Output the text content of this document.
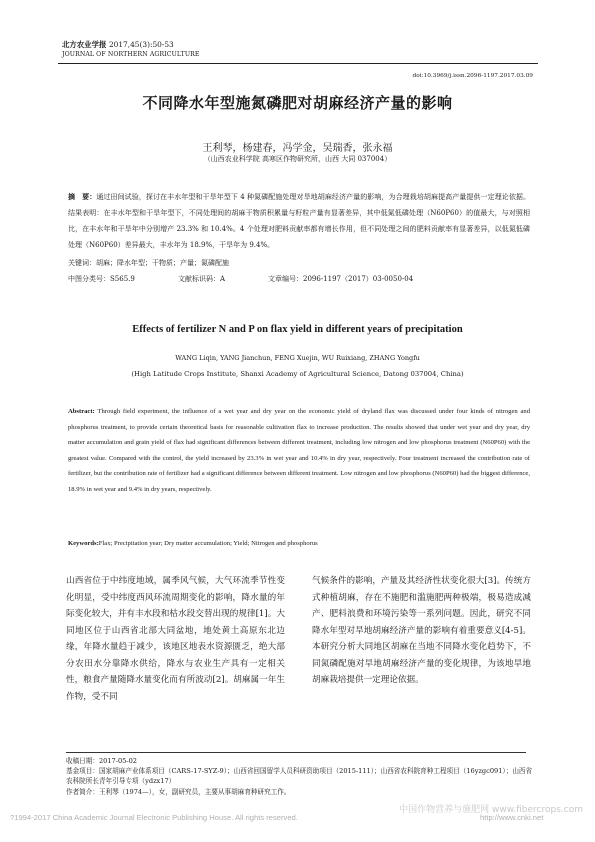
北方农业学报 2017,45(3):50-53
JOURNAL OF NORTHERN AGRICULTURE
doi:10.3969/j.issn.2096-1197.2017.03.09
不同降水年型施氮磷肥对胡麻经济产量的影响
王利琴，杨建春，冯学金，吴瑞香，张永福
（山西农业科学院 高寒区作物研究所，山西 大同 037004）
摘　要：通过田间试验，探讨在丰水年型和干旱年型下 4 种氮磷配施处理对旱地胡麻经济产量的影响，为合理栽培胡麻提高产量提供一定理论依据。结果表明：在丰水年型和干旱年型下，不同处理间的胡麻干物质积累量与籽粒产量有显著差异，其中低氮低磷处理（N60P60）的值最大，与对照相比，在丰水年和干旱年中分别增产 23.3% 和 10.4%。4 个处理对肥料贡献率都有增长作用，但不同处理之间的肥料贡献率有显著差异，以低氮低磷处理（N60P60）差异最大，丰水年为 18.9%，干旱年为 9.4%。
关键词：胡麻；降水年型；干物质；产量；氮磷配施
中图分类号：S565.9	文献标识码：A	文章编号：2096-1197（2017）03-0050-04
Effects of fertilizer N and P on flax yield in different years of precipitation
WANG Liqin, YANG Jianchun, FENG Xuejin, WU Ruixiang, ZHANG Yongfu
(High Latitude Crops Institute, Shanxi Academy of Agricultural Science, Datong 037004, China)
Abstract: Through field experiment, the influence of a wet year and dry year on the economic yield of dryland flax was discussed under four kinds of nitrogen and phosphorus treatment, to provide certain theoretical basis for reasonable cultivation flax to increase production. The results showed that under wet year and dry year, dry matter accumulation and grain yield of flax had significant differences between different treatment, including low nitrogen and low phosphorus treatment (N60P60) with the greatest value. Compared with the control, the yield increased by 23.3% in wet year and 10.4% in dry year, respectively. Four treatment increased the contribution rate of fertilizer, but the contribution rate of fertilizer had a significant difference between different treatment. Low nitrogen and low phosphorus (N60P60) had the biggest difference, 18.9% in wet year and 9.4% in dry years, respectively.
Keywords:Flax; Precipitation year; Dry matter accumulation; Yield; Nitrogen and phosphorus
山西省位于中纬度地域，属季风气候，大气环流季节性变化明显，受中纬度西风环流周期变化的影响，降水量的年际变化较大，并有丰水段和枯水段交替出现的规律[1]。大同地区位于山西省北部大同盆地，地处黄土高原东北边缘，年降水量趋于减少，该地区地表水资源匮乏，绝大部分农田水分靠降水供给，降水与农业生产具有一定相关性，粮食产量随降水量变化而有所波动[2]。胡麻属一年生作物，受不同
气候条件的影响，产量及其经济性状变化很大[3]。传统方式种植胡麻，存在不施肥和滥施肥两种极端，极易造成减产、肥料浪费和环境污染等一系列问题。因此，研究不同降水年型对旱地胡麻经济产量的影响有着重要意义[4-5]。本研究分析大同地区胡麻在当地不同降水变化趋势下，不同氮磷配施对旱地胡麻经济产量的变化规律，为该地旱地胡麻栽培提供一定理论依据。

收稿日期：2017-05-02

基金项目：国家胡麻产业体系项目（CARS-17-SYZ-9）；山西省回国留学人员科研资助项目（2015-111）；山西省农科院育种工程项目（16yzgc091）；山西省农科院所长青年引导专项（ydzx17）

作者简介：王利琴（1974—），女，副研究员，主要从事胡麻育种研究工作。

中国作物营养与施肥网 www.fibercrops.com
?1994-2017 China Academic Journal Electronic Publishing House. All rights reserved.	http://www.cnki.net
